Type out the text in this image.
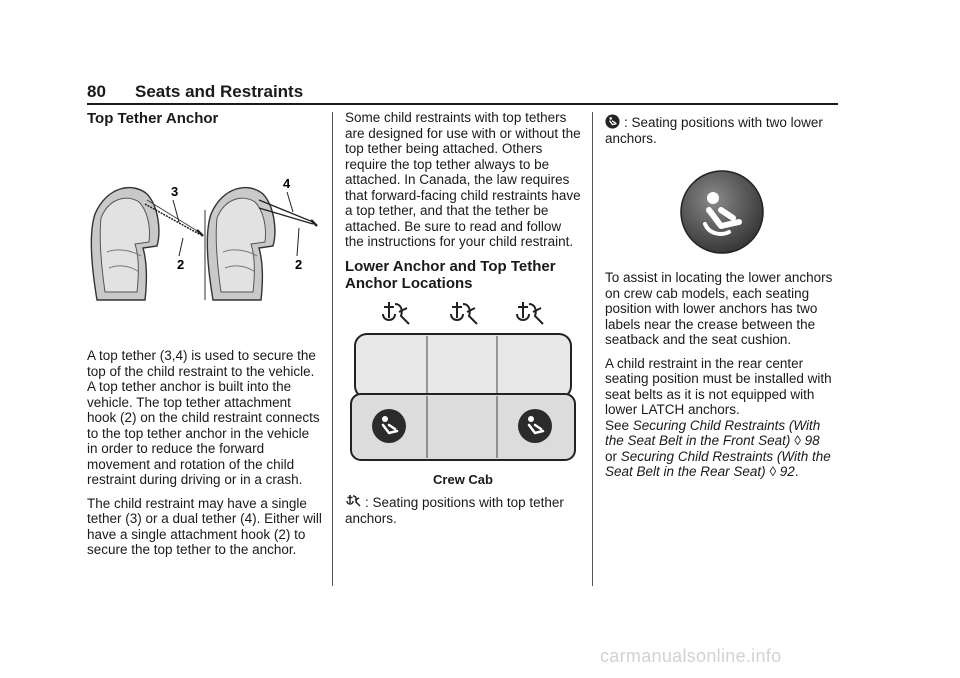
80 Seats and Restraints
Top Tether Anchor
3
2
4
2

A top tether (3,4) is used to secure the top of the child restraint to the vehicle. A top tether anchor is built into the vehicle. The top tether attachment hook (2) on the child restraint connects to the top tether anchor in the vehicle in order to reduce the forward movement and rotation of the child restraint during driving or in a crash.

The child restraint may have a single tether (3) or a dual tether (4). Either will have a single attachment hook (2) to secure the top tether to the anchor.

Some child restraints with top tethers are designed for use with or without the top tether being attached. Others require the top tether always to be attached. In Canada, the law requires that forward-facing child restraints have a top tether, and that the tether be attached. Be sure to read and follow the instructions for your child restraint.

Lower Anchor and Top Tether Anchor Locations
Crew Cab

: Seating positions with top tether anchors.

: Seating positions with two lower anchors.

To assist in locating the lower anchors on crew cab models, each seating position with lower anchors has two labels near the crease between the seatback and the seat cushion.

A child restraint in the rear center seating position must be installed with seat belts as it is not equipped with lower LATCH anchors.
See Securing Child Restraints (With the Seat Belt in the Front Seat) ◊ 98
or Securing Child Restraints (With the Seat Belt in the Rear Seat) ◊ 92.

carmanualsonline.info
